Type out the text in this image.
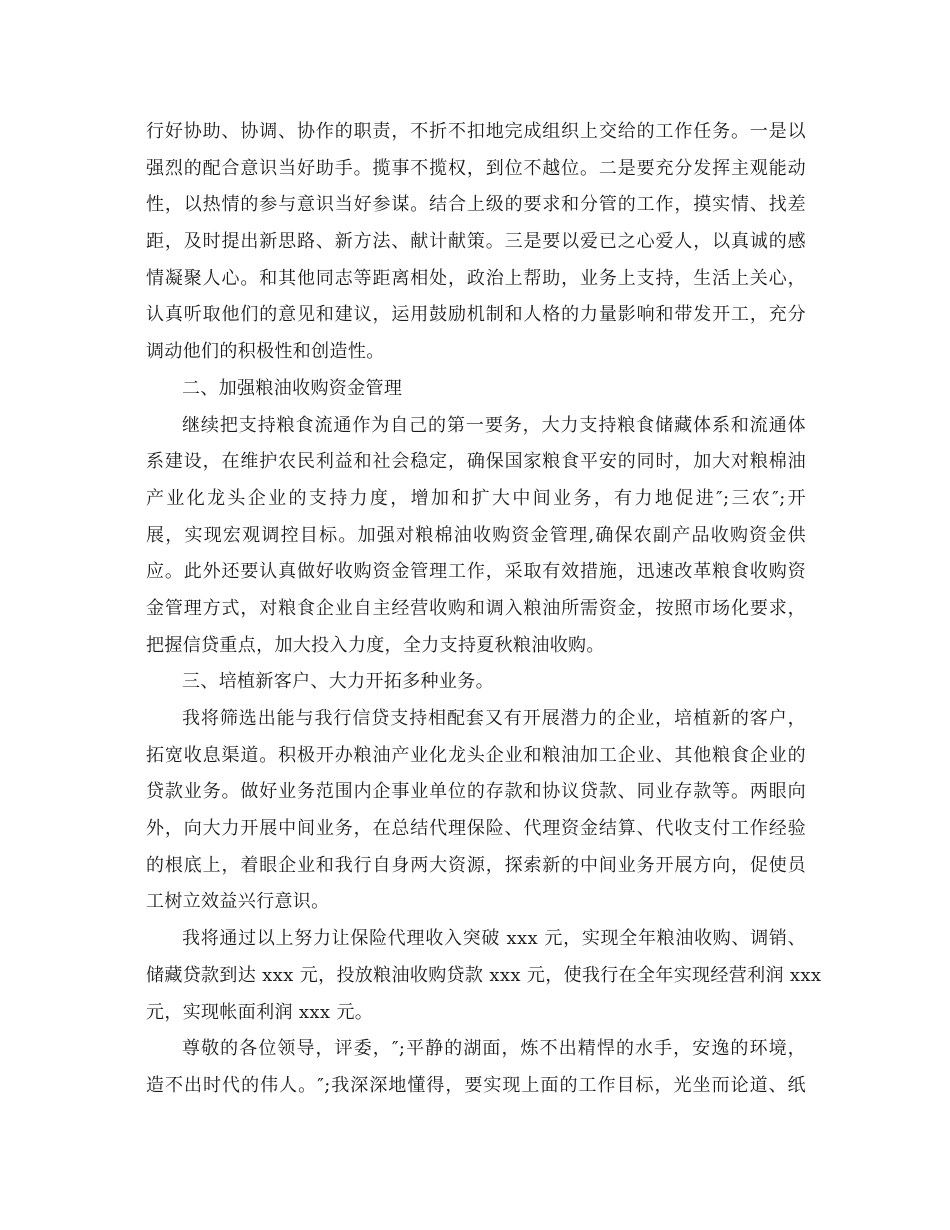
行好协助、协调、协作的职责，不折不扣地完成组织上交给的工作任务。一是以
强烈的配合意识当好助手。揽事不揽权，到位不越位。二是要充分发挥主观能动
性，以热情的参与意识当好参谋。结合上级的要求和分管的工作，摸实情、找差
距，及时提出新思路、新方法、献计献策。三是要以爱已之心爱人，以真诚的感
情凝聚人心。和其他同志等距离相处，政治上帮助，业务上支持，生活上关心，
认真听取他们的意见和建议，运用鼓励机制和人格的力量影响和带发开工，充分
调动他们的积极性和创造性。
二、加强粮油收购资金管理
继续把支持粮食流通作为自己的第一要务，大力支持粮食储藏体系和流通体
系建设，在维护农民利益和社会稳定，确保国家粮食平安的同时，加大对粮棉油
产业化龙头企业的支持力度，增加和扩大中间业务，有力地促进″;三农″;开
展，实现宏观调控目标。加强对粮棉油收购资金管理,确保农副产品收购资金供
应。此外还要认真做好收购资金管理工作，采取有效措施，迅速改革粮食收购资
金管理方式，对粮食企业自主经营收购和调入粮油所需资金，按照市场化要求，
把握信贷重点，加大投入力度，全力支持夏秋粮油收购。
三、培植新客户、大力开拓多种业务。
我将筛选出能与我行信贷支持相配套又有开展潜力的企业，培植新的客户，
拓宽收息渠道。积极开办粮油产业化龙头企业和粮油加工企业、其他粮食企业的
贷款业务。做好业务范围内企事业单位的存款和协议贷款、同业存款等。两眼向
外，向大力开展中间业务，在总结代理保险、代理资金结算、代收支付工作经验
的根底上，着眼企业和我行自身两大资源，探索新的中间业务开展方向，促使员
工树立效益兴行意识。
我将通过以上努力让保险代理收入突破 xxx 元，实现全年粮油收购、调销、
储藏贷款到达 xxx 元，投放粮油收购贷款 xxx 元，使我行在全年实现经营利润 xxx
元，实现帐面利润 xxx 元。
尊敬的各位领导，评委，″;平静的湖面，炼不出精悍的水手，安逸的环境，
造不出时代的伟人。″;我深深地懂得，要实现上面的工作目标，光坐而论道、纸
